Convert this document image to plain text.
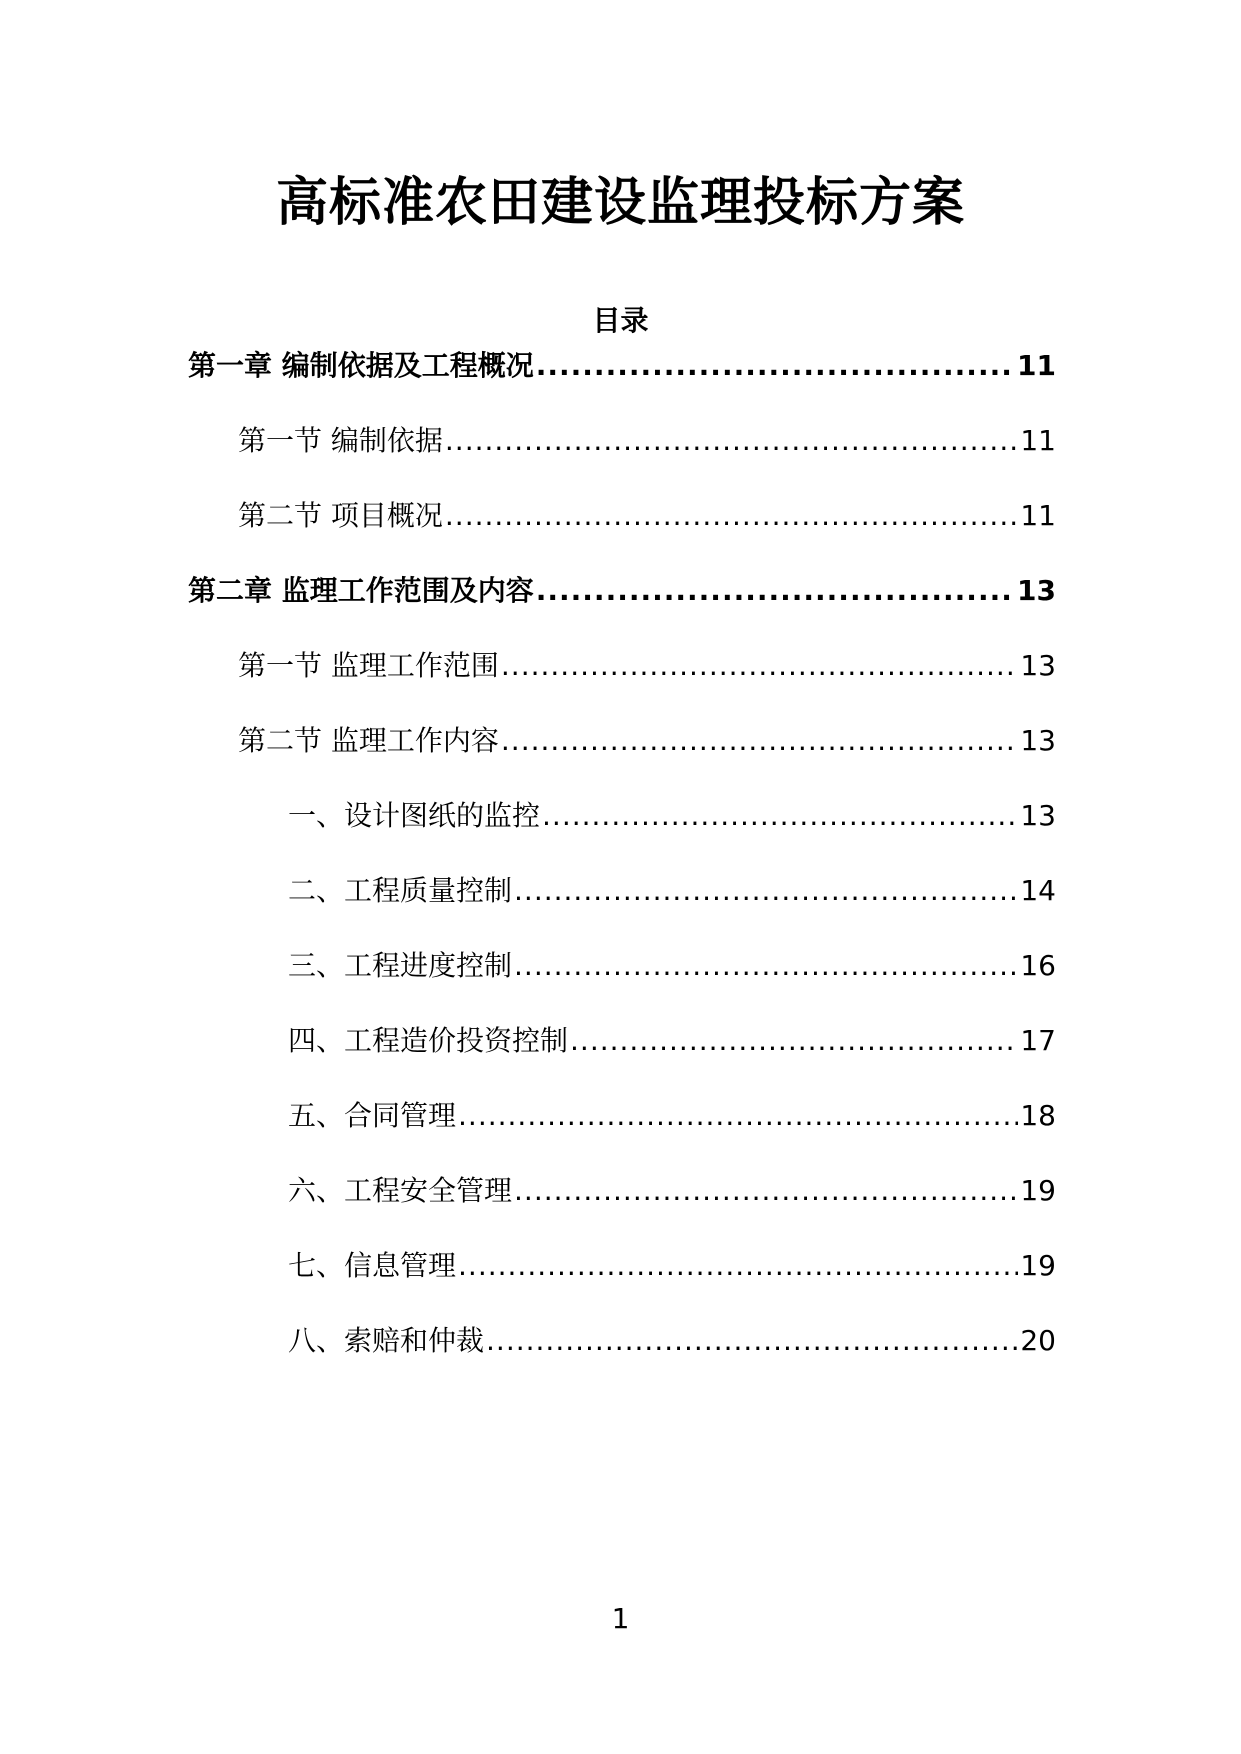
高标准农田建设监理投标方案
目录
第一章 编制依据及工程概况 .....	11
第一节 编制依据 .....	11
第二节 项目概况 .....	11
第二章 监理工作范围及内容 .....	13
第一节 监理工作范围 .....	13
第二节 监理工作内容 .....	13
一、设计图纸的监控 .....	13
二、工程质量控制 .....	14
三、工程进度控制 .....	16
四、工程造价投资控制 .....	17
五、合同管理 .....	18
六、工程安全管理 .....	19
七、信息管理 .....	19
八、索赔和仲裁 .....	20
1
